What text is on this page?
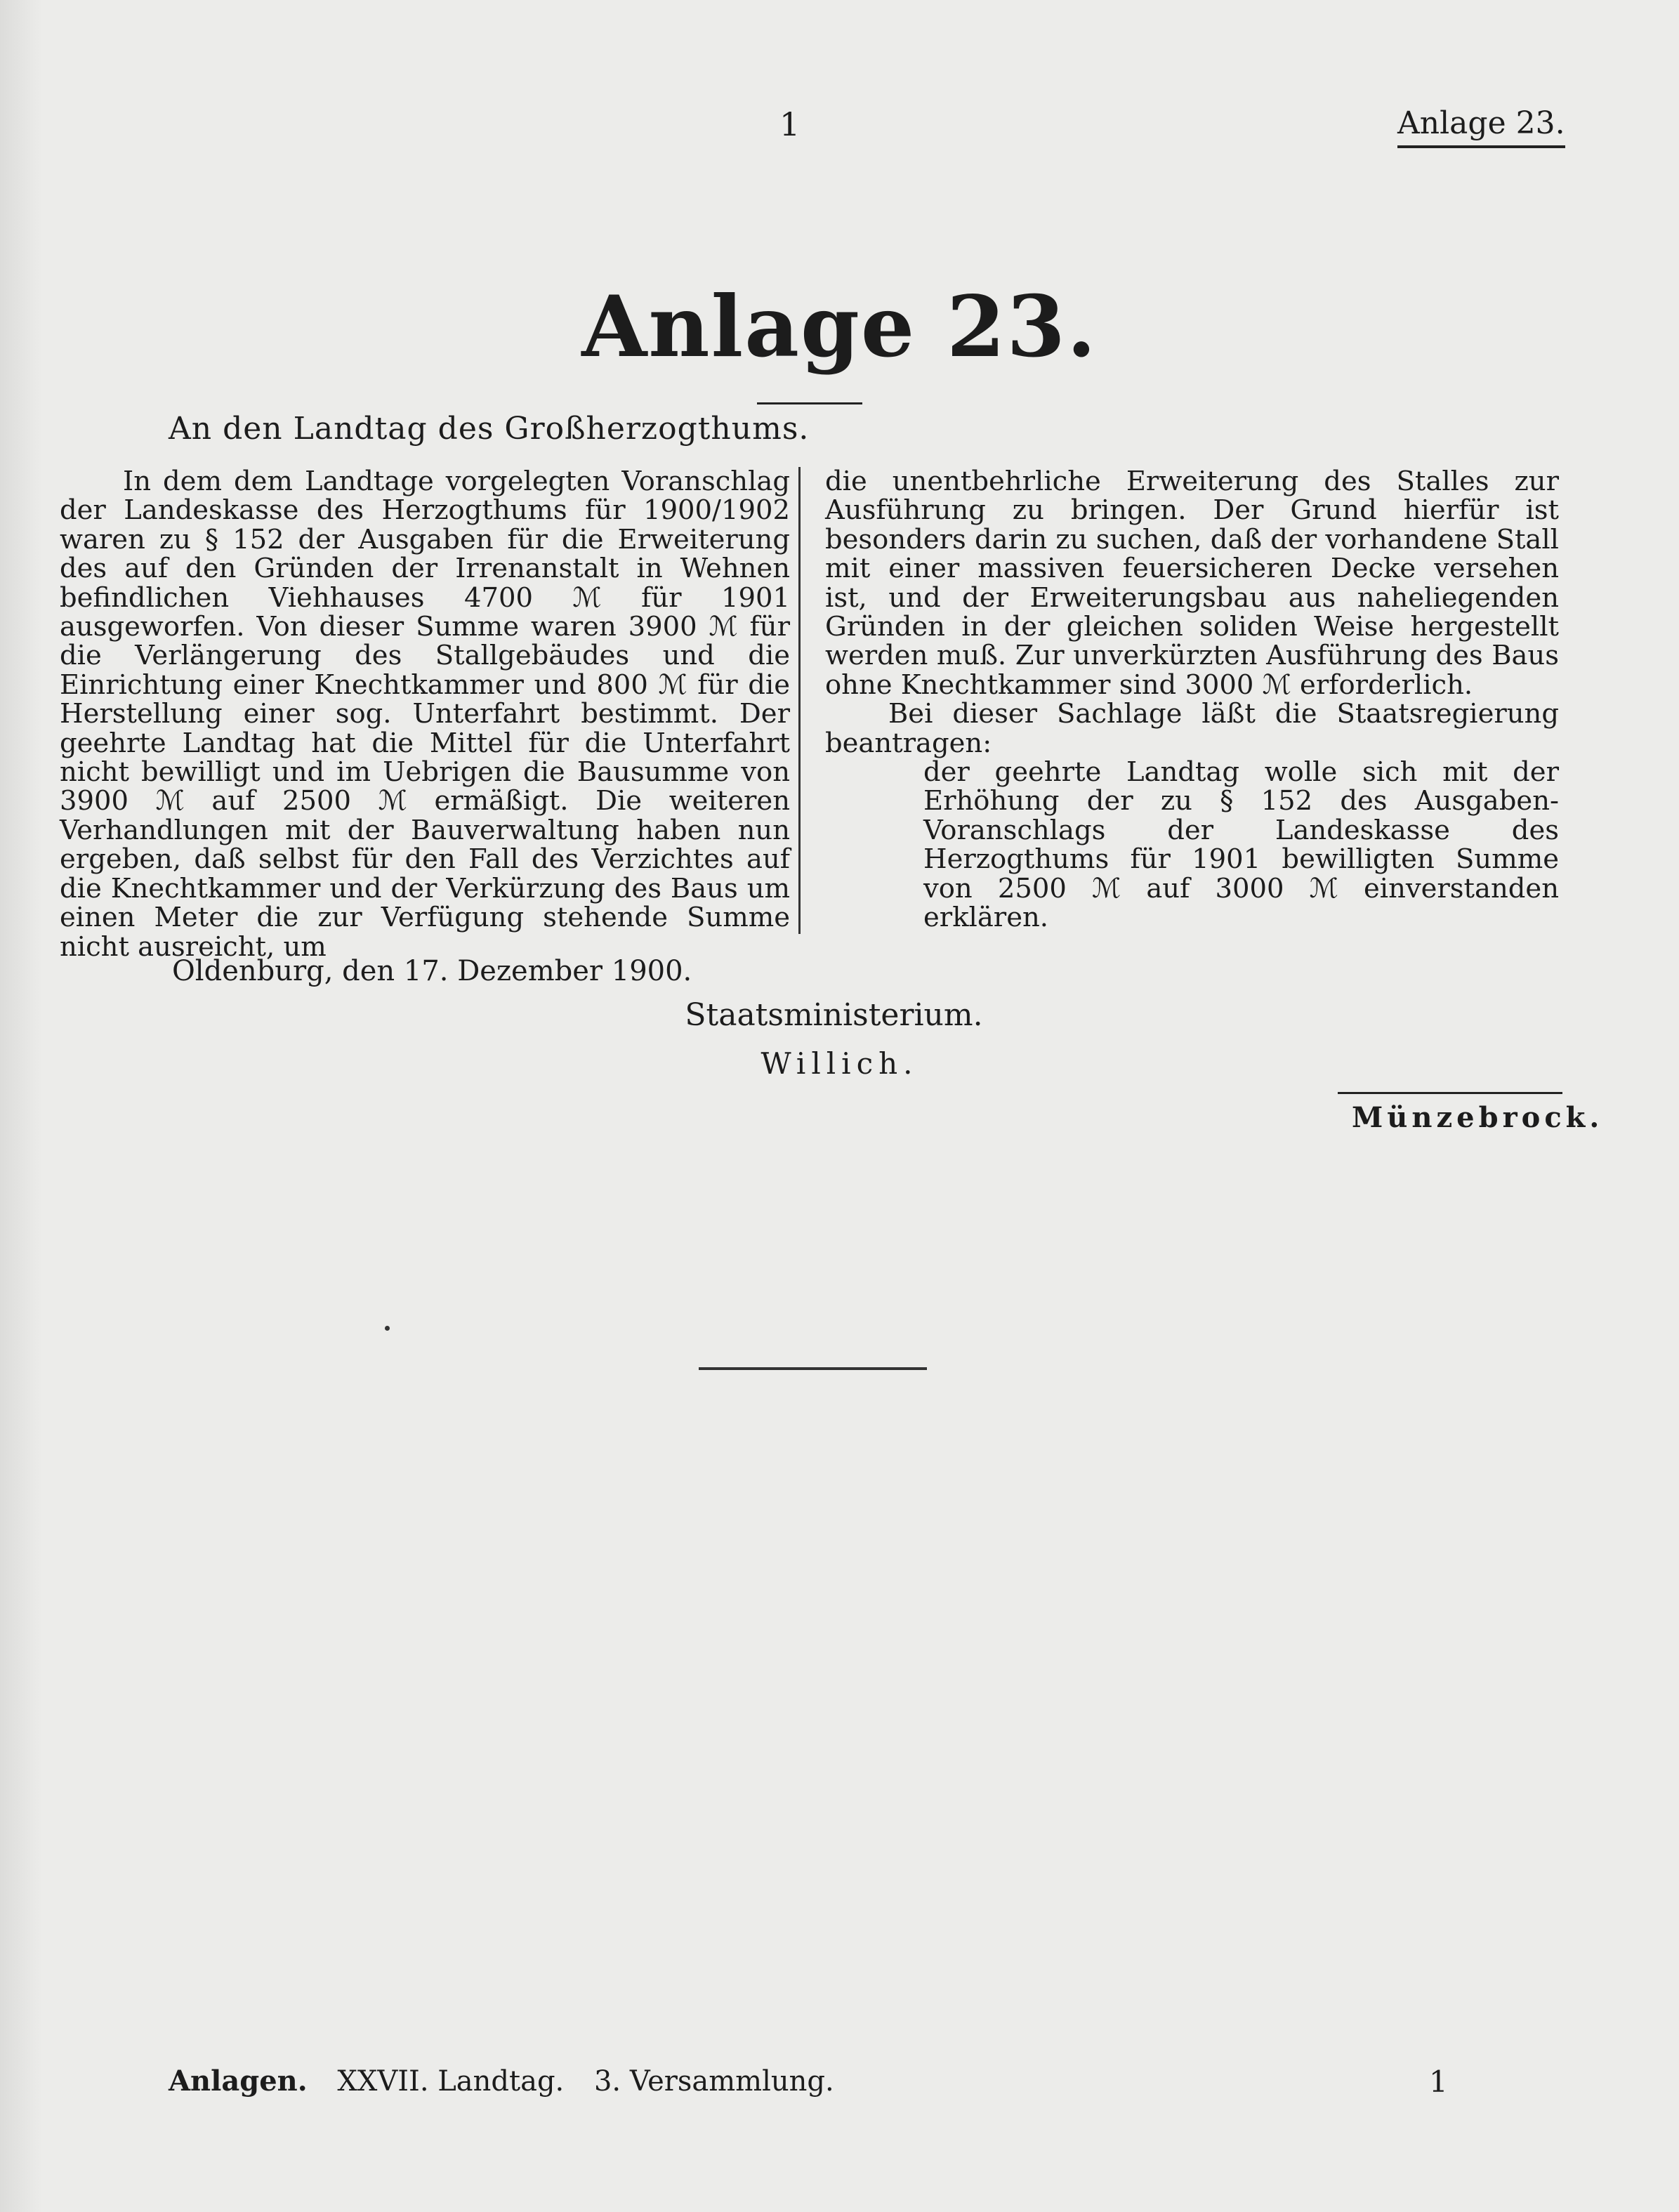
1	Anlage 23.
Anlage 23.
An den Landtag des Großherzogthums.

In dem dem Landtage vorgelegten Voranschlag der Landeskasse des Herzogthums für 1900/1902 waren zu § 152 der Ausgaben für die Erweiterung des auf den Gründen der Irrenanstalt in Wehnen befindlichen Viehhauses 4700 ℳ für 1901 ausgeworfen. Von dieser Summe waren 3900 ℳ für die Verlängerung des Stallgebäudes und die Einrichtung einer Knechtkammer und 800 ℳ für die Herstellung einer sog. Unterfahrt bestimmt. Der geehrte Landtag hat die Mittel für die Unterfahrt nicht bewilligt und im Uebrigen die Bausumme von 3900 ℳ auf 2500 ℳ ermäßigt. Die weiteren Verhandlungen mit der Bauverwaltung haben nun ergeben, daß selbst für den Fall des Verzichtes auf die Knechtkammer und der Verkürzung des Baus um einen Meter die zur Verfügung stehende Summe nicht ausreicht, um

die unentbehrliche Erweiterung des Stalles zur Ausführung zu bringen. Der Grund hierfür ist besonders darin zu suchen, daß der vorhandene Stall mit einer massiven feuersicheren Decke versehen ist, und der Erweiterungsbau aus naheliegenden Gründen in der gleichen soliden Weise hergestellt werden muß. Zur unverkürzten Ausführung des Baus ohne Knechtkammer sind 3000 ℳ erforderlich.

Bei dieser Sachlage läßt die Staatsregierung beantragen:

der geehrte Landtag wolle sich mit der Erhöhung der zu § 152 des Ausgaben-Voranschlags der Landeskasse des Herzogthums für 1901 bewilligten Summe von 2500 ℳ auf 3000 ℳ einverstanden erklären.

Oldenburg, den 17. Dezember 1900.
Staatsministerium.
Willich.
Münzebrock.
Anlagen. XXVII. Landtag. 3. Versammlung.	1
